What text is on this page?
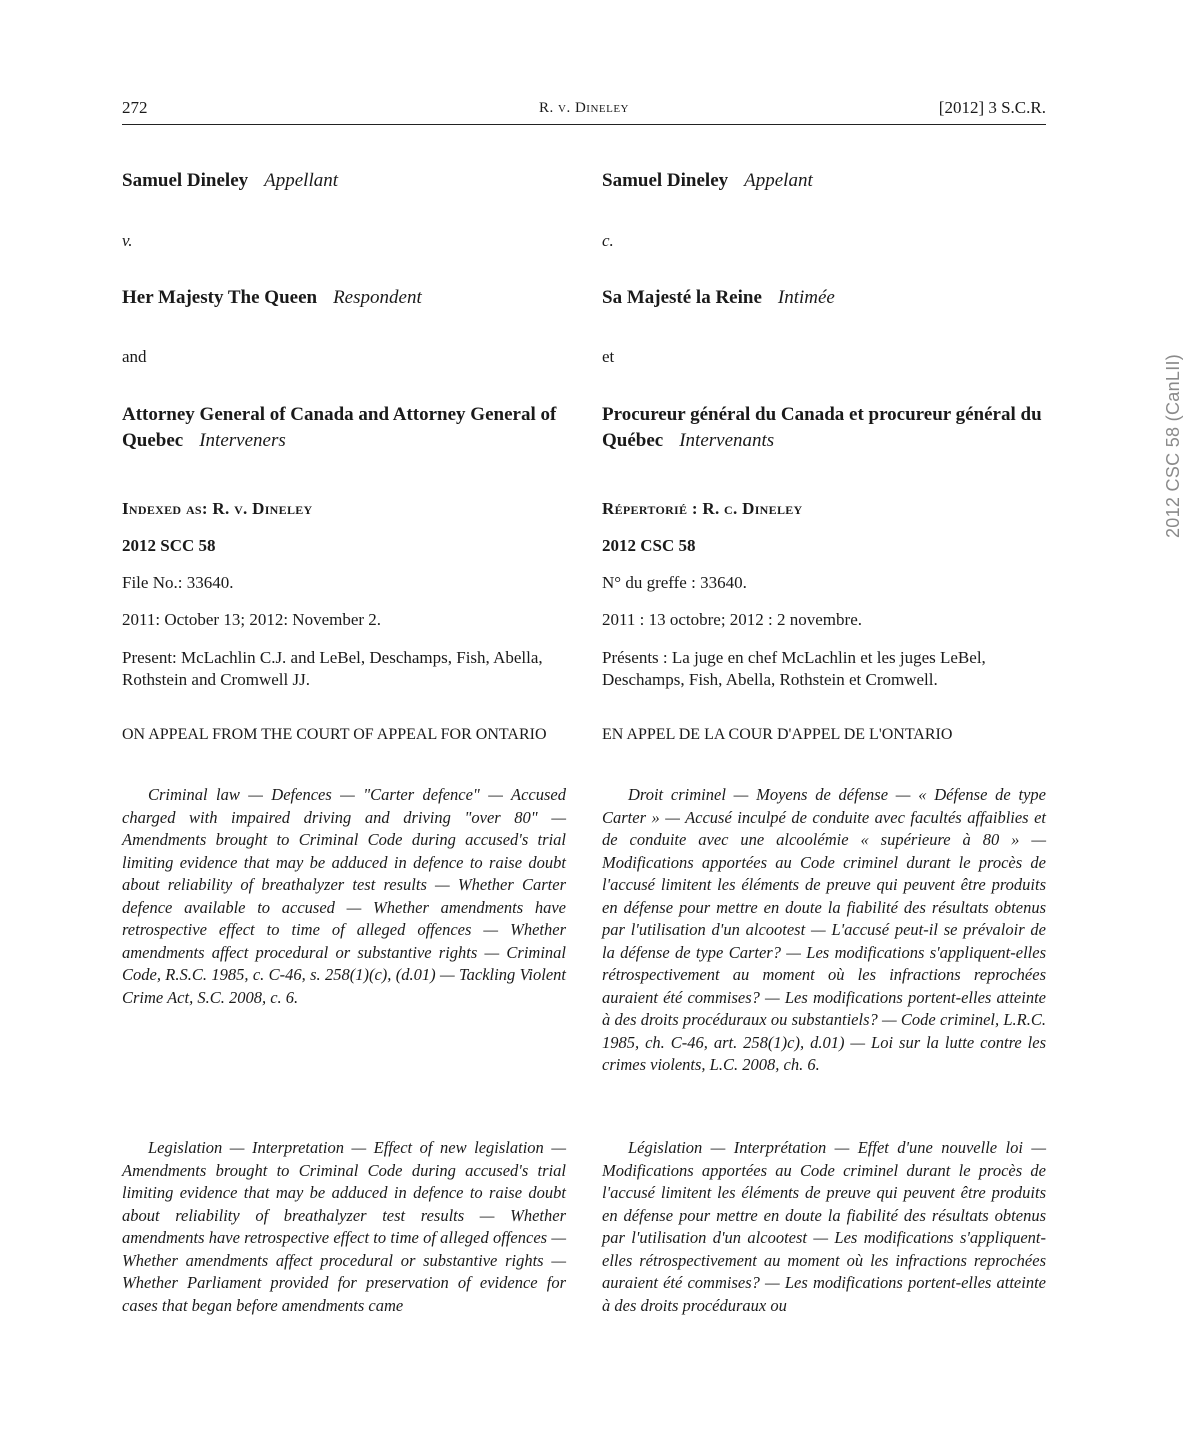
272	R. v. Dineley	[2012] 3 S.C.R.
Samuel Dineley Appellant
v.
Her Majesty The Queen Respondent
and
Attorney General of Canada and Attorney General of Quebec Interveners
Indexed as: R. v. Dineley
2012 SCC 58
File No.: 33640.
2011: October 13; 2012: November 2.
Present: McLachlin C.J. and LeBel, Deschamps, Fish, Abella, Rothstein and Cromwell JJ.
ON APPEAL FROM THE COURT OF APPEAL FOR ONTARIO
Criminal law — Defences — "Carter defence" — Accused charged with impaired driving and driving "over 80" — Amendments brought to Criminal Code during accused's trial limiting evidence that may be adduced in defence to raise doubt about reliability of breathalyzer test results — Whether Carter defence available to accused — Whether amendments have retrospective effect to time of alleged offences — Whether amendments affect procedural or substantive rights — Criminal Code, R.S.C. 1985, c. C-46, s. 258(1)(c), (d.01) — Tackling Violent Crime Act, S.C. 2008, c. 6.
Legislation — Interpretation — Effect of new legislation — Amendments brought to Criminal Code during accused's trial limiting evidence that may be adduced in defence to raise doubt about reliability of breathalyzer test results — Whether amendments have retrospective effect to time of alleged offences — Whether amendments affect procedural or substantive rights — Whether Parliament provided for preservation of evidence for cases that began before amendments came
Samuel Dineley Appelant
c.
Sa Majesté la Reine Intimée
et
Procureur général du Canada et procureur général du Québec Intervenants
Répertorié : R. c. Dineley
2012 CSC 58
N° du greffe : 33640.
2011 : 13 octobre; 2012 : 2 novembre.
Présents : La juge en chef McLachlin et les juges LeBel, Deschamps, Fish, Abella, Rothstein et Cromwell.
EN APPEL DE LA COUR D'APPEL DE L'ONTARIO
Droit criminel — Moyens de défense — « Défense de type Carter » — Accusé inculpé de conduite avec facultés affaiblies et de conduite avec une alcoolémie « supérieure à 80 » — Modifications apportées au Code criminel durant le procès de l'accusé limitent les éléments de preuve qui peuvent être produits en défense pour mettre en doute la fiabilité des résultats obtenus par l'utilisation d'un alcootest — L'accusé peut-il se prévaloir de la défense de type Carter? — Les modifications s'appliquent-elles rétrospectivement au moment où les infractions reprochées auraient été commises? — Les modifications portent-elles atteinte à des droits procéduraux ou substantiels? — Code criminel, L.R.C. 1985, ch. C-46, art. 258(1)c), d.01) — Loi sur la lutte contre les crimes violents, L.C. 2008, ch. 6.
Législation — Interprétation — Effet d'une nouvelle loi — Modifications apportées au Code criminel durant le procès de l'accusé limitent les éléments de preuve qui peuvent être produits en défense pour mettre en doute la fiabilité des résultats obtenus par l'utilisation d'un alcootest — Les modifications s'appliquent-elles rétrospectivement au moment où les infractions reprochées auraient été commises? — Les modifications portent-elles atteinte à des droits procéduraux ou
2012 CSC 58 (CanLII)
